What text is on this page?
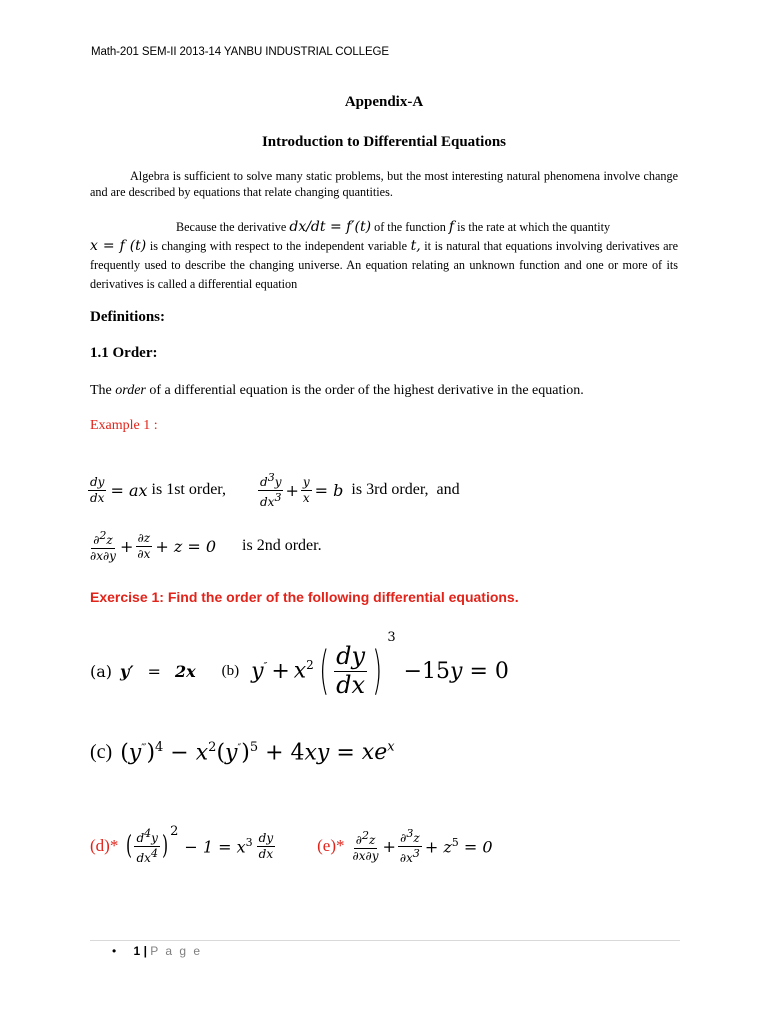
Math-201 SEM-II 2013-14 YANBU INDUSTRIAL COLLEGE
Appendix-A
Introduction to Differential Equations
Algebra is sufficient to solve many static problems, but the most interesting natural phenomena involve change and are described by equations that relate changing quantities.
Because the derivative dx/dt = f′(t) of the function f is the rate at which the quantity
x = f (t) is changing with respect to the independent variable t, it is natural that equations involving derivatives are frequently used to describe the changing universe. An equation relating an unknown function and one or more of its derivatives is called a differential equation
Definitions:
1.1 Order:
The order of a differential equation is the order of the highest derivative in the equation.
Example 1 :
$\frac{dy}{dx}$ = ax is 1st order,	$\frac{d^3y}{dx^3} + \frac{y}{x} = b$ is 3rd order, and
$\frac{\partial^2z}{\partial x\partial y} + \frac{\partial z}{\partial x} + z = 0$ is 2nd order.
Exercise 1: Find the order of the following differential equations.
(a) y′ = 2x (b) $y'' + x^2$ ( $\frac{dy}{dx}$ )
3
−15y = 0
(c) $(y^‴)^4 - x^2(y'')^5 + 4xy = xe^x$
(d)* ( $\frac{d^4y}{dx^4}$ ) 2
− $1 = x^3 \frac{dy}{dx} (e)* \frac{\partial^2z}{\partial x\partial y} + \frac{\partial^3z}{\partial x^3} + z^5 = 0$
• 1 | P a g e
